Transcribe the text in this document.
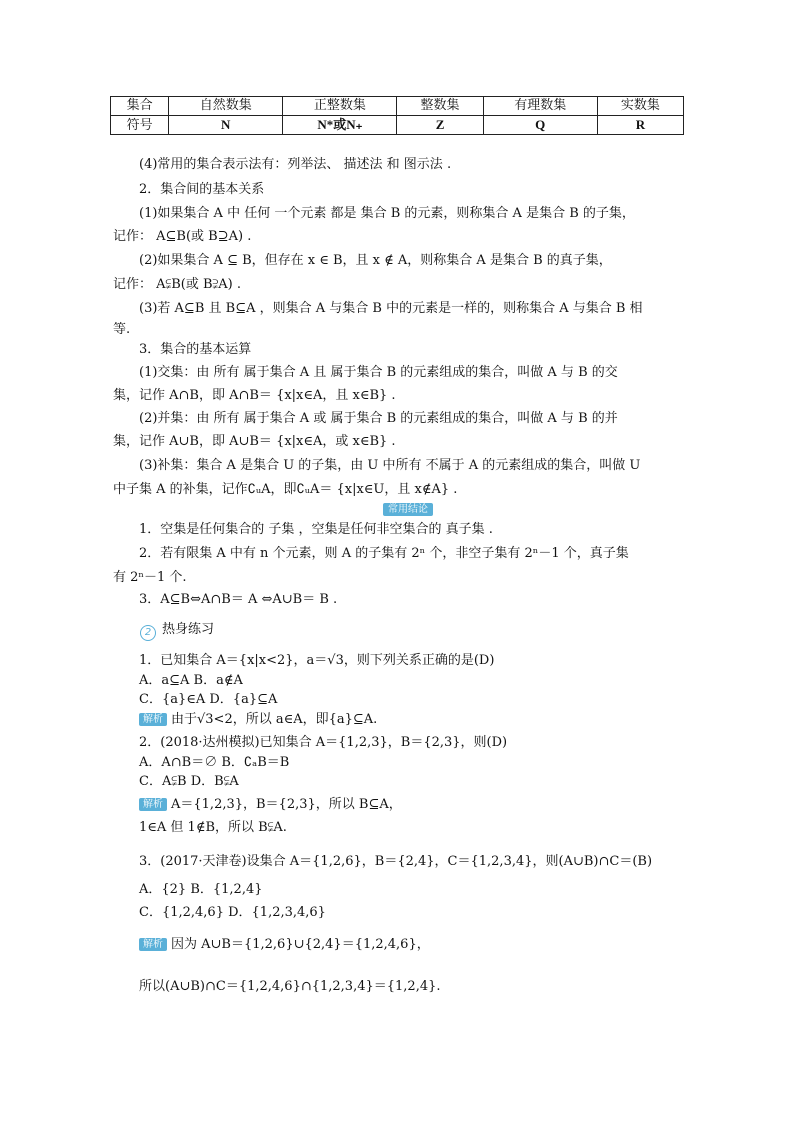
集合	自然数集	正整数集	整数集	有理数集	实数集
符号	N	N*或N₊	Z	Q	R
(4)常用的集合表示法有：列举法、 描述法 和 图示法 .
2．集合间的基本关系
(1)如果集合 A 中 任何 一个元素 都是 集合 B 的元素，则称集合 A 是集合 B 的子集，
记作： A⊆B(或 B⊇A) .
(2)如果集合 A ⊆ B，但存在 x ∈ B，且 x ∉ A，则称集合 A 是集合 B 的真子集，
记作： A⫋B(或 B⫌A) .
(3)若 A⊆B 且 B⊆A ，则集合 A 与集合 B 中的元素是一样的，则称集合 A 与集合 B 相
等.
3．集合的基本运算
(1)交集：由 所有 属于集合 A 且 属于集合 B 的元素组成的集合，叫做 A 与 B 的交
集，记作 A∩B，即 A∩B＝ {x|x∈A，且 x∈B} .
(2)并集：由 所有 属于集合 A 或 属于集合 B 的元素组成的集合，叫做 A 与 B 的并
集，记作 A∪B，即 A∪B＝ {x|x∈A，或 x∈B} .
(3)补集：集合 A 是集合 U 的子集，由 U 中所有 不属于 A 的元素组成的集合，叫做 U
中子集 A 的补集，记作∁ᵤA，即∁ᵤA＝ {x|x∈U，且 x∉A} .
1．空集是任何集合的 子集 ，空集是任何非空集合的 真子集 .
2．若有限集 A 中有 n 个元素，则 A 的子集有 2ⁿ 个，非空子集有 2ⁿ－1 个，真子集
有 2ⁿ－1 个.
3．A⊆B⇔A∩B＝ A ⇔A∪B＝ B .
1．已知集合 A＝{x|x<2}，a＝√3，则下列关系正确的是(D)
A．a⊆A B．a∉A
C．{a}∈A D．{a}⊆A
解析 由于√3<2，所以 a∈A，即{a}⊆A.
2．(2018·达州模拟)已知集合 A＝{1,2,3}，B＝{2,3}，则(D)
A．A∩B＝∅ B．∁ₐB＝B
C．A⫋B D．B⫋A
解析 A＝{1,2,3}，B＝{2,3}，所以 B⊆A，
1∈A 但 1∉B，所以 B⫋A.
3．(2017·天津卷)设集合 A＝{1,2,6}，B＝{2,4}，C＝{1,2,3,4}，则(A∪B)∩C＝(B)
A．{2} B．{1,2,4}
C．{1,2,4,6} D．{1,2,3,4,6}
解析 因为 A∪B＝{1,2,6}∪{2,4}＝{1,2,4,6}，
所以(A∪B)∩C＝{1,2,4,6}∩{1,2,3,4}＝{1,2,4}.
常用结论
2 热身练习
